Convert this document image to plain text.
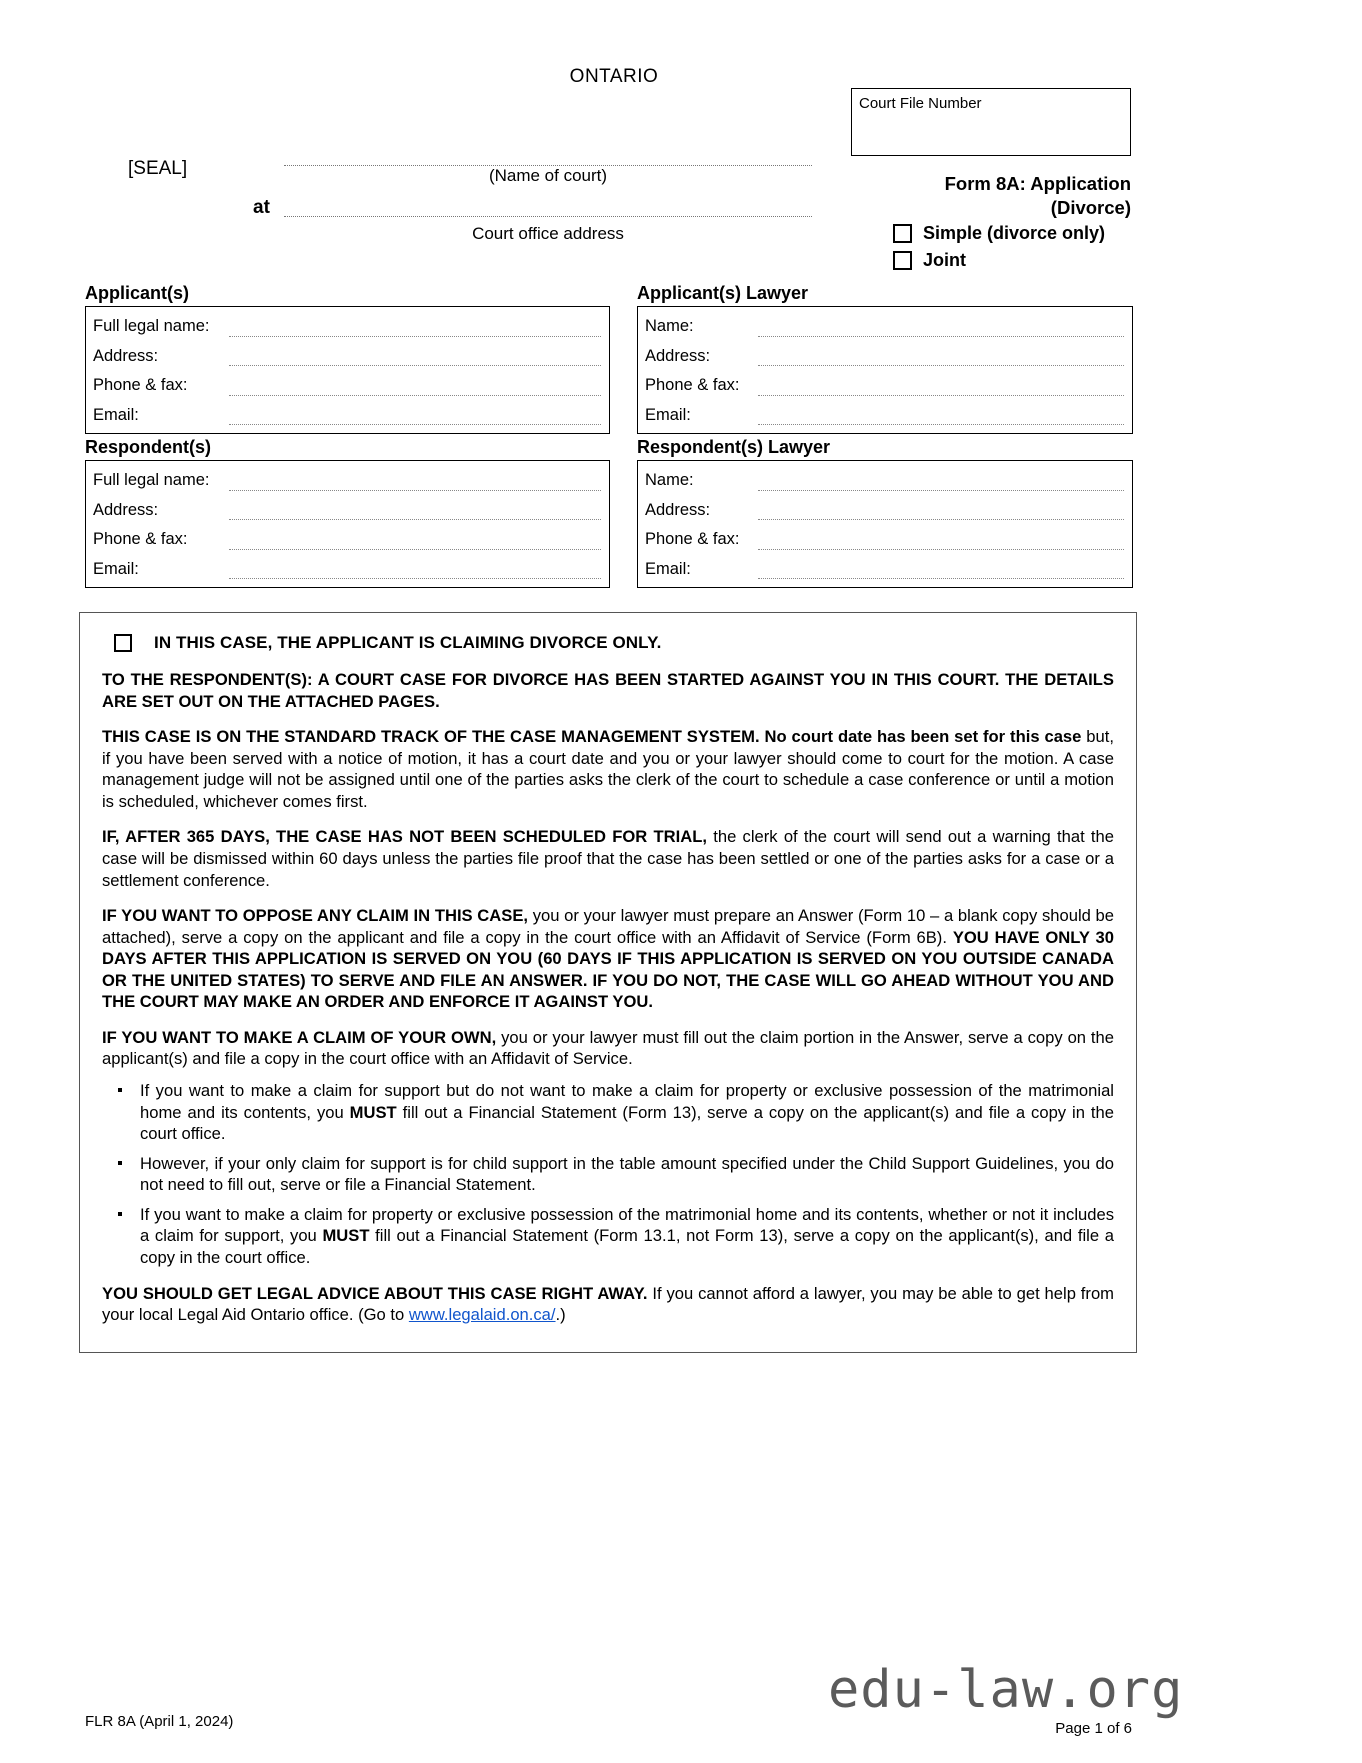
ONTARIO
Court File Number
[SEAL]
at
(Name of court)
Court office address
Form 8A: Application
(Divorce)
Simple (divorce only)
Joint
Applicant(s)
Full legal name:
Address:
Phone & fax:
Email:
Applicant(s) Lawyer
Name:
Address:
Phone & fax:
Email:
Respondent(s)
Full legal name:
Address:
Phone & fax:
Email:
Respondent(s) Lawyer
Name:
Address:
Phone & fax:
Email:
IN THIS CASE, THE APPLICANT IS CLAIMING DIVORCE ONLY.

TO THE RESPONDENT(S): A COURT CASE FOR DIVORCE HAS BEEN STARTED AGAINST YOU IN THIS COURT. THE DETAILS ARE SET OUT ON THE ATTACHED PAGES.

THIS CASE IS ON THE STANDARD TRACK OF THE CASE MANAGEMENT SYSTEM. No court date has been set for this case but, if you have been served with a notice of motion, it has a court date and you or your lawyer should come to court for the motion. A case management judge will not be assigned until one of the parties asks the clerk of the court to schedule a case conference or until a motion is scheduled, whichever comes first.

IF, AFTER 365 DAYS, THE CASE HAS NOT BEEN SCHEDULED FOR TRIAL, the clerk of the court will send out a warning that the case will be dismissed within 60 days unless the parties file proof that the case has been settled or one of the parties asks for a case or a settlement conference.

IF YOU WANT TO OPPOSE ANY CLAIM IN THIS CASE, you or your lawyer must prepare an Answer (Form 10 – a blank copy should be attached), serve a copy on the applicant and file a copy in the court office with an Affidavit of Service (Form 6B). YOU HAVE ONLY 30 DAYS AFTER THIS APPLICATION IS SERVED ON YOU (60 DAYS IF THIS APPLICATION IS SERVED ON YOU OUTSIDE CANADA OR THE UNITED STATES) TO SERVE AND FILE AN ANSWER. IF YOU DO NOT, THE CASE WILL GO AHEAD WITHOUT YOU AND THE COURT MAY MAKE AN ORDER AND ENFORCE IT AGAINST YOU.

IF YOU WANT TO MAKE A CLAIM OF YOUR OWN, you or your lawyer must fill out the claim portion in the Answer, serve a copy on the applicant(s) and file a copy in the court office with an Affidavit of Service.

If you want to make a claim for support but do not want to make a claim for property or exclusive possession of the matrimonial home and its contents, you MUST fill out a Financial Statement (Form 13), serve a copy on the applicant(s) and file a copy in the court office.
However, if your only claim for support is for child support in the table amount specified under the Child Support Guidelines, you do not need to fill out, serve or file a Financial Statement.
If you want to make a claim for property or exclusive possession of the matrimonial home and its contents, whether or not it includes a claim for support, you MUST fill out a Financial Statement (Form 13.1, not Form 13), serve a copy on the applicant(s), and file a copy in the court office.

YOU SHOULD GET LEGAL ADVICE ABOUT THIS CASE RIGHT AWAY. If you cannot afford a lawyer, you may be able to get help from your local Legal Aid Ontario office. (Go to www.legalaid.on.ca/.)

edu-law.org
FLR 8A (April 1, 2024)	Page 1 of 6
